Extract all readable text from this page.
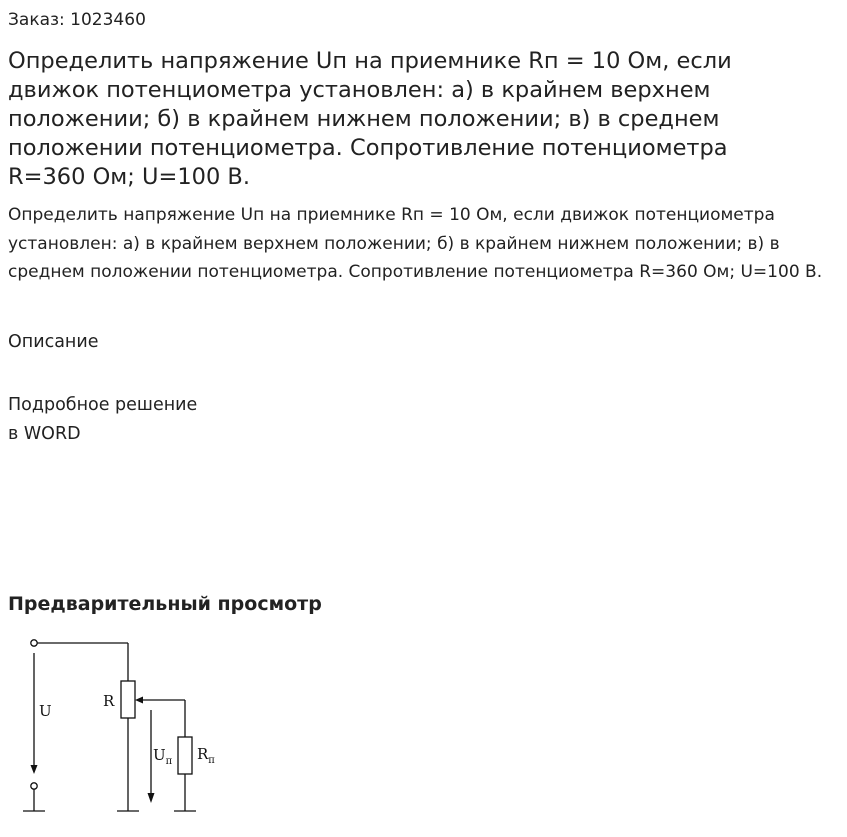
Заказ: 1023460
Определить напряжение Uп на приемнике Rп = 10 Ом, если движок потенциометра установлен: а) в крайнем верхнем положении; б) в крайнем нижнем положении; в) в среднем положении потенциометра. Сопротивление потенциометра R=360 Ом; U=100 В.
Определить напряжение Uп на приемнике Rп = 10 Ом, если движок потенциометра установлен: а) в крайнем верхнем положении; б) в крайнем нижнем положении; в) в среднем положении потенциометра. Сопротивление потенциометра R=360 Ом; U=100 В.
Описание
Подробное решение
в WORD
Предварительный просмотр
U
R
$U_п$ $R_п$
